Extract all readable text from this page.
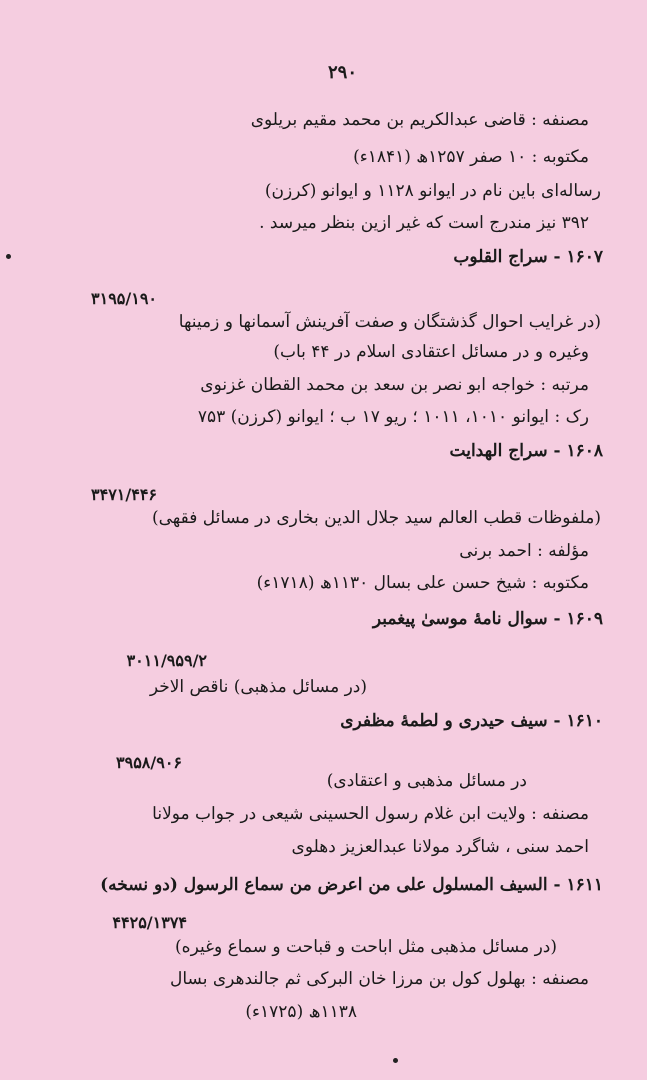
۲۹۰
مصنفه : قاضی عبدالکریم بن محمد مقیم بریلوی
مکتوبه : ۱۰ صفر ۱۲۵۷ھ (۱۸۴۱ء)
رساله‌ای باین نام در ایوانو ۱۱۲۸ و ایوانو (کرزن)
۳۹۲ نیز مندرج است که غیر ازین بنظر میرسد .
۱۶۰۷ - سراج القلوب
۳۱۹۵/۱۹۰
(در غرایب احوال گذشتگان و صفت آفرینش آسمانها و زمینها
وغیره و در مسائل اعتقادی اسلام در ۴۴ باب)
مرتبه : خواجه ابو نصر بن سعد بن محمد القطان غزنوی
رک : ایوانو ۱۰۱۰، ۱۰۱۱ ؛ ریو ۱۷ ب ؛ ایوانو (کرزن) ۷۵۳
۱۶۰۸ - سراج الهدایت
۳۴۷۱/۴۴۶
(ملفوظات قطب العالم سید جلال الدین بخاری در مسائل فقهی)
مؤلفه : احمد برنی
مکتوبه : شیخ حسن علی بسال ۱۱۳۰ھ (۱۷۱۸ء)
۱۶۰۹ - سوال نامهٔ موسیٰ پیغمبر
۳۰۱۱/۹۵۹/۲
(در مسائل مذهبی) ناقص الاخر
۱۶۱۰ - سیف حیدری و لطمهٔ مظفری
۳۹۵۸/۹۰۶
در مسائل مذهبی و اعتقادی)
مصنفه : ولایت ابن غلام رسول الحسینی شیعی در جواب مولانا
احمد سنی ، شاگرد مولانا عبدالعزیز دهلوی
۱۶۱۱ - السیف المسلول علی من اعرض من سماع الرسول (دو نسخه)
۴۴۲۵/۱۳۷۴
(در مسائل مذهبی مثل اباحت و قباحت و سماع وغیره)
مصنفه : بهلول کول بن مرزا خان البرکی ثم جالندهری بسال
۱۱۳۸ھ (۱۷۲۵ء)
